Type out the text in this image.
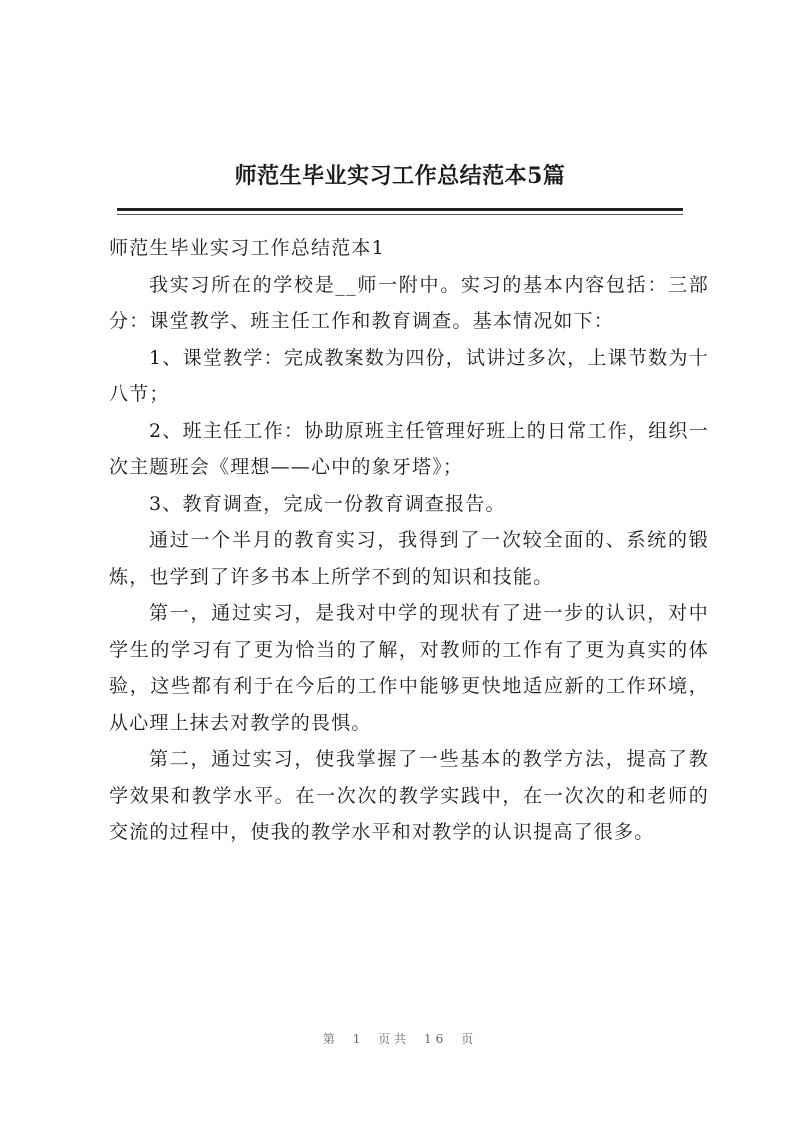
师范生毕业实习工作总结范本5篇

师范生毕业实习工作总结范本1

我实习所在的学校是__师一附中。实习的基本内容包括：三部分：课堂教学、班主任工作和教育调查。基本情况如下：

1、课堂教学：完成教案数为四份，试讲过多次，上课节数为十八节；

2、班主任工作：协助原班主任管理好班上的日常工作，组织一次主题班会《理想——心中的象牙塔》；

3、教育调查，完成一份教育调查报告。

通过一个半月的教育实习，我得到了一次较全面的、系统的锻炼，也学到了许多书本上所学不到的知识和技能。

第一，通过实习，是我对中学的现状有了进一步的认识，对中学生的学习有了更为恰当的了解，对教师的工作有了更为真实的体验，这些都有利于在今后的工作中能够更快地适应新的工作环境，从心理上抹去对教学的畏惧。

第二，通过实习，使我掌握了一些基本的教学方法，提高了教学效果和教学水平。在一次次的教学实践中，在一次次的和老师的交流的过程中，使我的教学水平和对教学的认识提高了很多。

第 1 页共 16 页
